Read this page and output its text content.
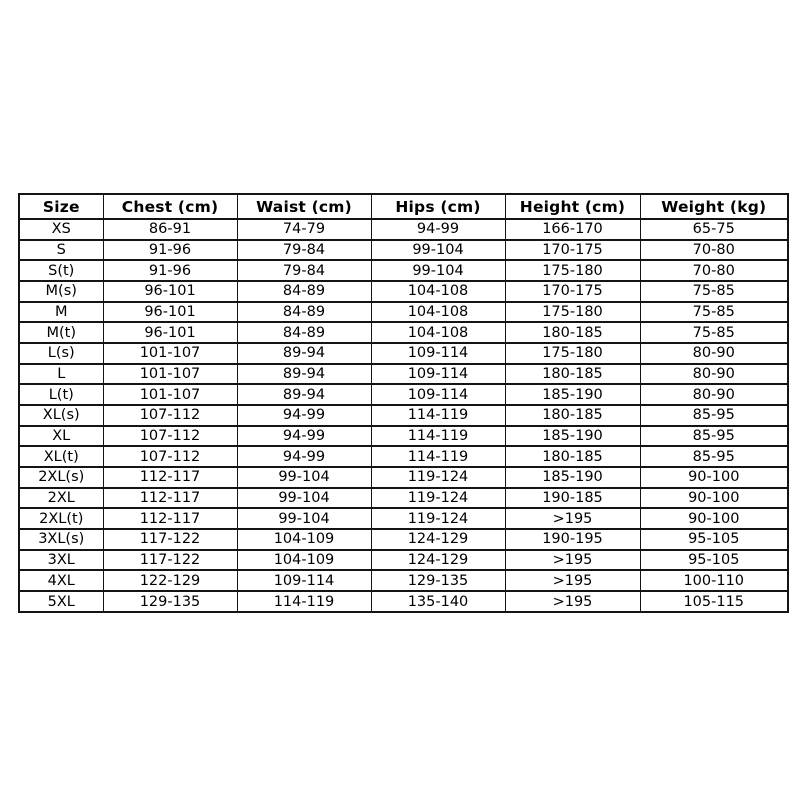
Size	Chest (cm)	Waist (cm)	Hips (cm)	Height (cm)	Weight (kg)
XS	86-91	74-79	94-99	166-170	65-75
S	91-96	79-84	99-104	170-175	70-80
S(t)	91-96	79-84	99-104	175-180	70-80
M(s)	96-101	84-89	104-108	170-175	75-85
M	96-101	84-89	104-108	175-180	75-85
M(t)	96-101	84-89	104-108	180-185	75-85
L(s)	101-107	89-94	109-114	175-180	80-90
L	101-107	89-94	109-114	180-185	80-90
L(t)	101-107	89-94	109-114	185-190	80-90
XL(s)	107-112	94-99	114-119	180-185	85-95
XL	107-112	94-99	114-119	185-190	85-95
XL(t)	107-112	94-99	114-119	180-185	85-95
2XL(s)	112-117	99-104	119-124	185-190	90-100
2XL	112-117	99-104	119-124	190-185	90-100
2XL(t)	112-117	99-104	119-124	>195	90-100
3XL(s)	117-122	104-109	124-129	190-195	95-105
3XL	117-122	104-109	124-129	>195	95-105
4XL	122-129	109-114	129-135	>195	100-110
5XL	129-135	114-119	135-140	>195	105-115
